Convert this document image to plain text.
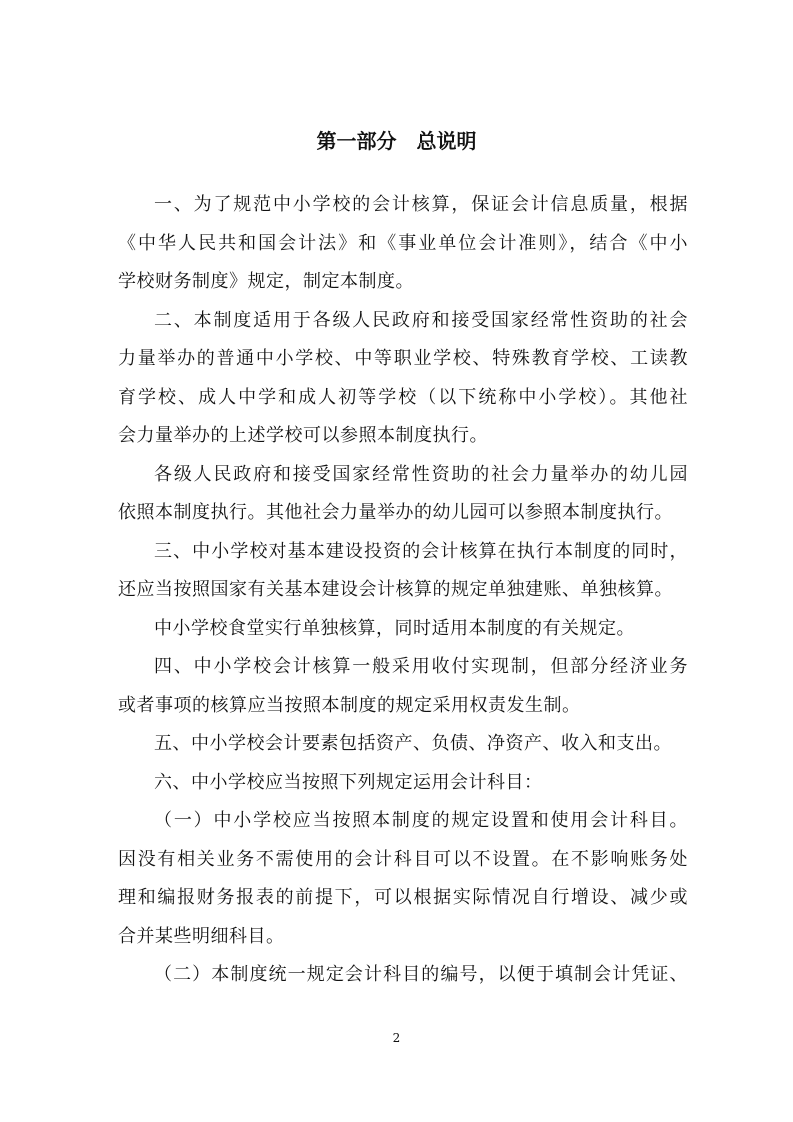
第一部分　总说明
一、为了规范中小学校的会计核算，保证会计信息质量，根据
《中华人民共和国会计法》和《事业单位会计准则》，结合《中小
学校财务制度》规定，制定本制度。
二、本制度适用于各级人民政府和接受国家经常性资助的社会
力量举办的普通中小学校、中等职业学校、特殊教育学校、工读教
育学校、成人中学和成人初等学校（以下统称中小学校）。其他社
会力量举办的上述学校可以参照本制度执行。
各级人民政府和接受国家经常性资助的社会力量举办的幼儿园
依照本制度执行。其他社会力量举办的幼儿园可以参照本制度执行。
三、中小学校对基本建设投资的会计核算在执行本制度的同时，
还应当按照国家有关基本建设会计核算的规定单独建账、单独核算。
中小学校食堂实行单独核算，同时适用本制度的有关规定。
四、中小学校会计核算一般采用收付实现制，但部分经济业务
或者事项的核算应当按照本制度的规定采用权责发生制。
五、中小学校会计要素包括资产、负债、净资产、收入和支出。
六、中小学校应当按照下列规定运用会计科目：
（一）中小学校应当按照本制度的规定设置和使用会计科目。
因没有相关业务不需使用的会计科目可以不设置。在不影响账务处
理和编报财务报表的前提下，可以根据实际情况自行增设、减少或
合并某些明细科目。
（二）本制度统一规定会计科目的编号，以便于填制会计凭证、
2
